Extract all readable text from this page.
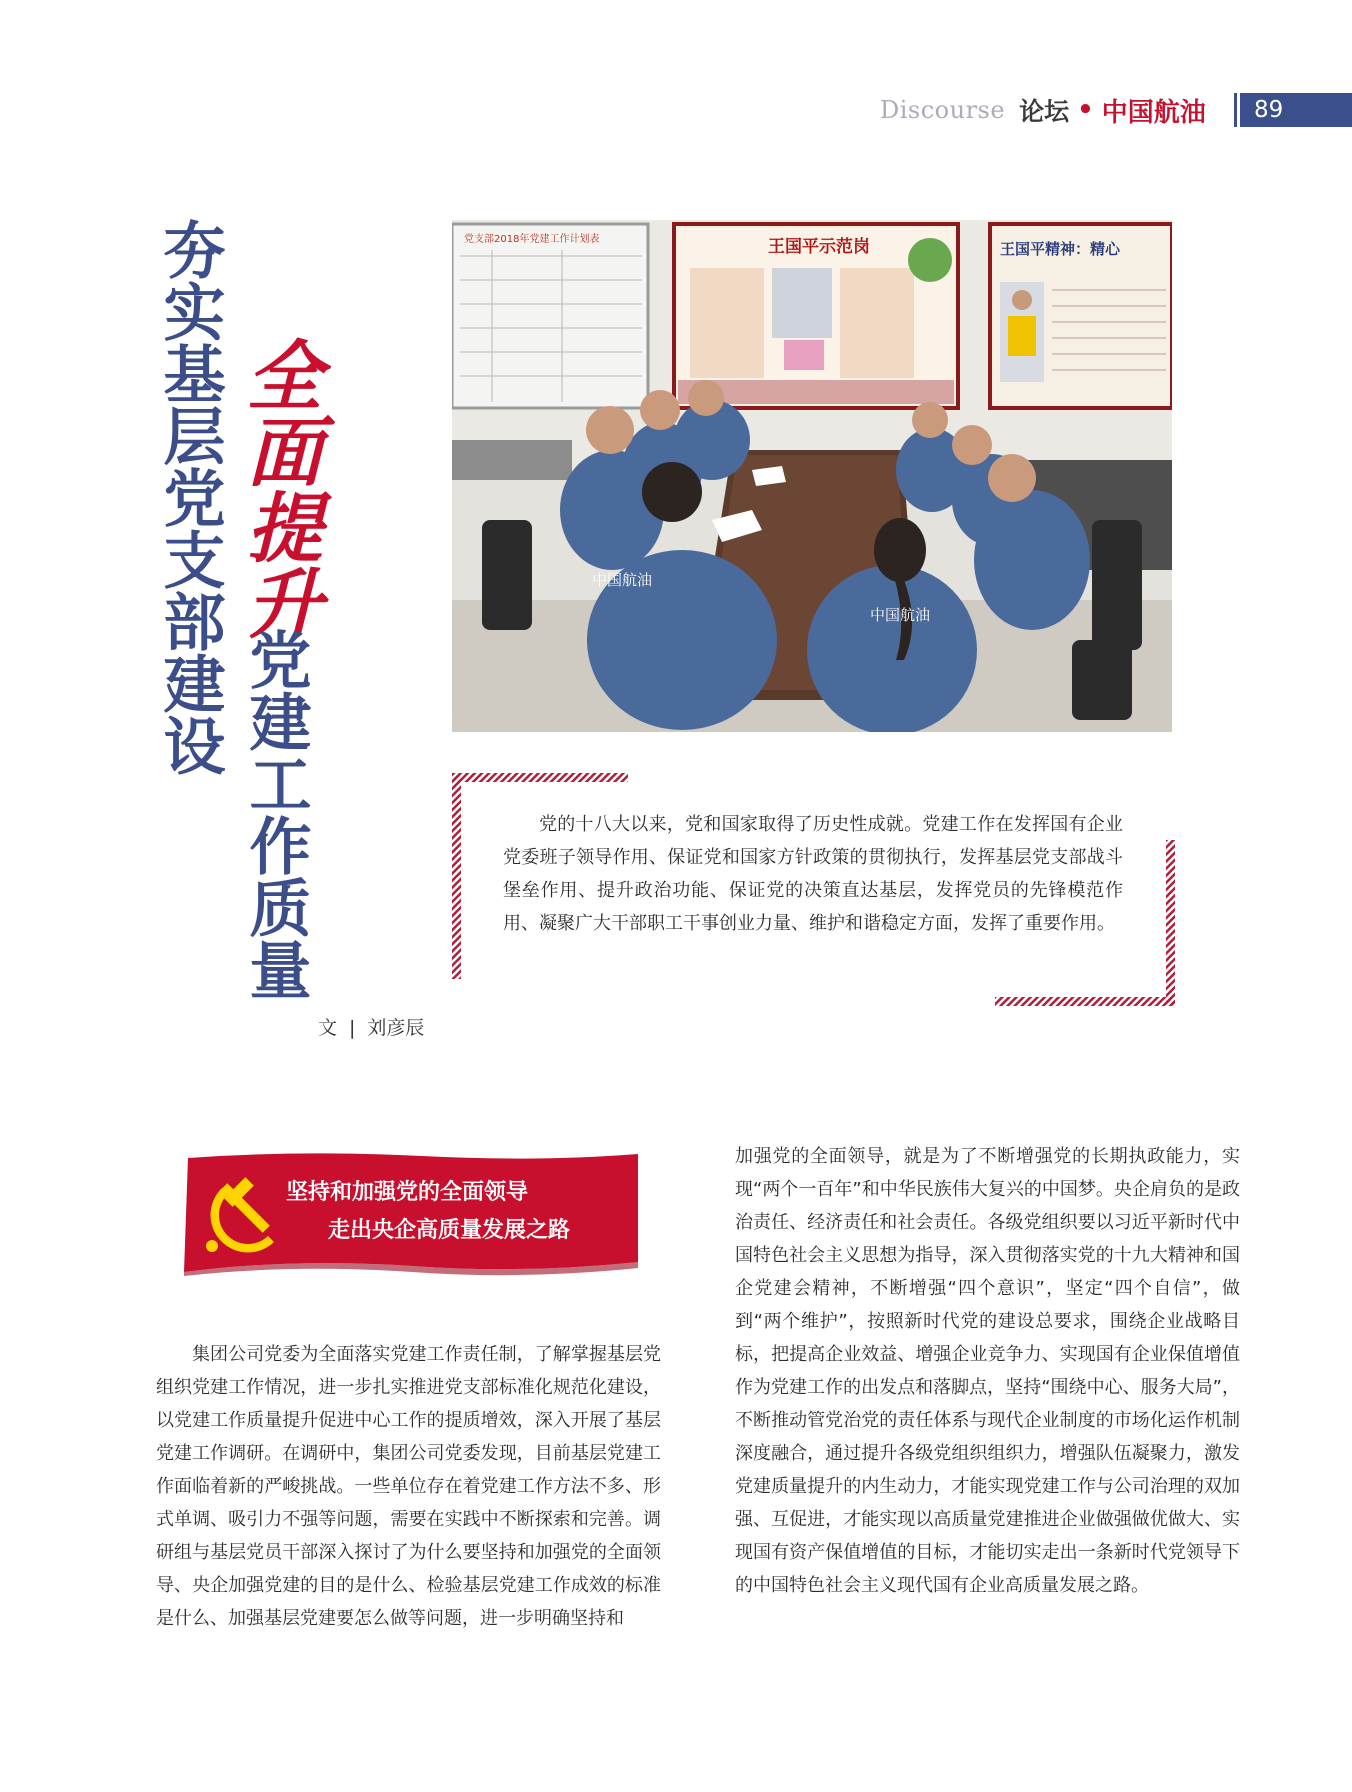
Discourse 论坛 • 中国航油	89
夯实基层党支部建设 全面提升
党建工作质量
文 | 刘彦辰
党支部2018年党建工作计划表	王国平示范岗	王国平精神：精心
中国航油
中国航油
党的十八大以来，党和国家取得了历史性成就。党建工作在发挥国有企业党委班子领导作用、保证党和国家方针政策的贯彻执行，发挥基层党支部战斗堡垒作用、提升政治功能、保证党的决策直达基层，发挥党员的先锋模范作用、凝聚广大干部职工干事创业力量、维护和谐稳定方面，发挥了重要作用。
坚持和加强党的全面领导
走出央企高质量发展之路
集团公司党委为全面落实党建工作责任制，了解掌握基层党组织党建工作情况，进一步扎实推进党支部标准化规范化建设，以党建工作质量提升促进中心工作的提质增效，深入开展了基层党建工作调研。在调研中，集团公司党委发现，目前基层党建工作面临着新的严峻挑战。一些单位存在着党建工作方法不多、形式单调、吸引力不强等问题，需要在实践中不断探索和完善。调研组与基层党员干部深入探讨了为什么要坚持和加强党的全面领导、央企加强党建的目的是什么、检验基层党建工作成效的标准是什么、加强基层党建要怎么做等问题，进一步明确坚持和
加强党的全面领导，就是为了不断增强党的长期执政能力，实现“两个一百年”和中华民族伟大复兴的中国梦。央企肩负的是政治责任、经济责任和社会责任。各级党组织要以习近平新时代中国特色社会主义思想为指导，深入贯彻落实党的十九大精神和国企党建会精神，不断增强“四个意识”，坚定“四个自信”，做到“两个维护”，按照新时代党的建设总要求，围绕企业战略目标，把提高企业效益、增强企业竞争力、实现国有企业保值增值作为党建工作的出发点和落脚点，坚持“围绕中心、服务大局”，不断推动管党治党的责任体系与现代企业制度的市场化运作机制深度融合，通过提升各级党组织组织力，增强队伍凝聚力，激发党建质量提升的内生动力，才能实现党建工作与公司治理的双加强、互促进，才能实现以高质量党建推进企业做强做优做大、实现国有资产保值增值的目标，才能切实走出一条新时代党领导下的中国特色社会主义现代国有企业高质量发展之路。
